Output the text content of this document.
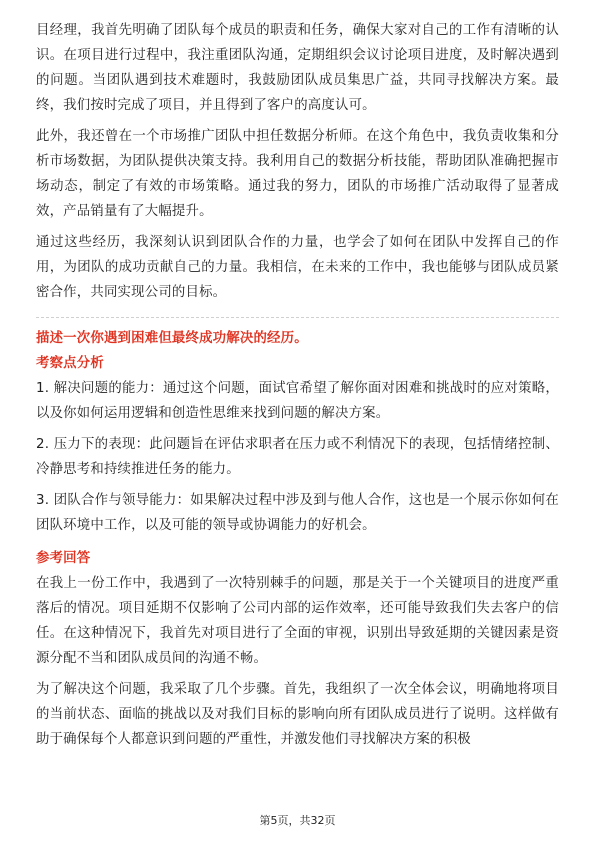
目经理，我首先明确了团队每个成员的职责和任务，确保大家对自己的工作有清晰的认识。在项目进行过程中，我注重团队沟通，定期组织会议讨论项目进度，及时解决遇到的问题。当团队遇到技术难题时，我鼓励团队成员集思广益，共同寻找解决方案。最终，我们按时完成了项目，并且得到了客户的高度认可。

此外，我还曾在一个市场推广团队中担任数据分析师。在这个角色中，我负责收集和分析市场数据，为团队提供决策支持。我利用自己的数据分析技能，帮助团队准确把握市场动态，制定了有效的市场策略。通过我的努力，团队的市场推广活动取得了显著成效，产品销量有了大幅提升。

通过这些经历，我深刻认识到团队合作的力量，也学会了如何在团队中发挥自己的作用，为团队的成功贡献自己的力量。我相信，在未来的工作中，我也能够与团队成员紧密合作，共同实现公司的目标。

描述一次你遇到困难但最终成功解决的经历。

考察点分析

1. 解决问题的能力：通过这个问题，面试官希望了解你面对困难和挑战时的应对策略，以及你如何运用逻辑和创造性思维来找到问题的解决方案。

2. 压力下的表现：此问题旨在评估求职者在压力或不利情况下的表现，包括情绪控制、冷静思考和持续推进任务的能力。

3. 团队合作与领导能力：如果解决过程中涉及到与他人合作，这也是一个展示你如何在团队环境中工作，以及可能的领导或协调能力的好机会。

参考回答

在我上一份工作中，我遇到了一次特别棘手的问题，那是关于一个关键项目的进度严重落后的情况。项目延期不仅影响了公司内部的运作效率，还可能导致我们失去客户的信任。在这种情况下，我首先对项目进行了全面的审视，识别出导致延期的关键因素是资源分配不当和团队成员间的沟通不畅。

为了解决这个问题，我采取了几个步骤。首先，我组织了一次全体会议，明确地将项目的当前状态、面临的挑战以及对我们目标的影响向所有团队成员进行了说明。这样做有助于确保每个人都意识到问题的严重性，并激发他们寻找解决方案的积极

第5页，共32页
